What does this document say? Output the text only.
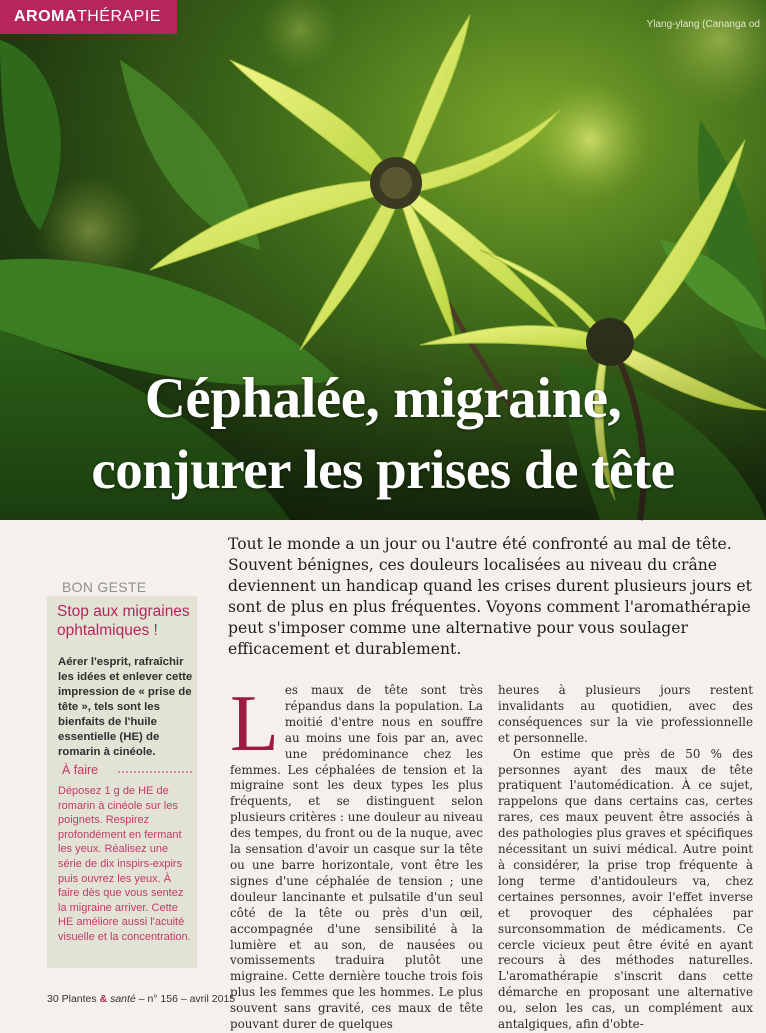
AROMATHÉRAPIE	Ylang-ylang (Cananga od
Céphalée, migraine,
conjurer les prises de tête

Tout le monde a un jour ou l'autre été confronté au mal de tête. Souvent bénignes, ces douleurs localisées au niveau du crâne deviennent un handicap quand les crises durent plusieurs jours et sont de plus en plus fréquentes. Voyons comment l'aromathérapie peut s'imposer comme une alternative pour vous soulager efficacement et durablement.

BON GESTE
Stop aux migraines ophtalmiques !

Aérer l'esprit, rafraîchir les idées et enlever cette impression de « prise de tête », tels sont les bienfaits de l'huile essentielle (HE) de romarin à cinéole.

À faire

Déposez 1 g de HE de romarin à cinéole sur les poignets. Respirez profondément en fermant les yeux. Réalisez une série de dix inspirs-expirs puis ouvrez les yeux. À faire dès que vous sentez la migraine arriver. Cette HE améliore aussi l'acuité visuelle et la concentration.

L es maux de tête sont très répandus dans la population. La moitié d'entre nous en souffre au moins une fois par an, avec une prédominance chez les femmes. Les céphalées de tension et la migraine sont les deux types les plus fréquents, et se distinguent selon plusieurs critères : une douleur au niveau des tempes, du front ou de la nuque, avec la sensation d'avoir un casque sur la tête ou une barre horizontale, vont être les signes d'une céphalée de tension ; une douleur lancinante et pulsatile d'un seul côté de la tête ou près d'un œil, accompagnée d'une sensibilité à la lumière et au son, de nausées ou vomissements traduira plutôt une migraine. Cette dernière touche trois fois plus les femmes que les hommes. Le plus souvent sans gravité, ces maux de tête pouvant durer de quelques

heures à plusieurs jours restent invalidants au quotidien, avec des conséquences sur la vie professionnelle et personnelle.

On estime que près de 50 % des personnes ayant des maux de tête pratiquent l'automédication. À ce sujet, rappelons que dans certains cas, certes rares, ces maux peuvent être associés à des pathologies plus graves et spécifiques nécessitant un suivi médical. Autre point à considérer, la prise trop fréquente à long terme d'antidouleurs va, chez certaines personnes, avoir l'effet inverse et provoquer des céphalées par surconsommation de médicaments. Ce cercle vicieux peut être évité en ayant recours à des méthodes naturelles. L'aromathérapie s'inscrit dans cette démarche en proposant une alternative ou, selon les cas, un complément aux antalgiques, afin d'obte-

30 Plantes & santé – n° 156 – avril 2015
